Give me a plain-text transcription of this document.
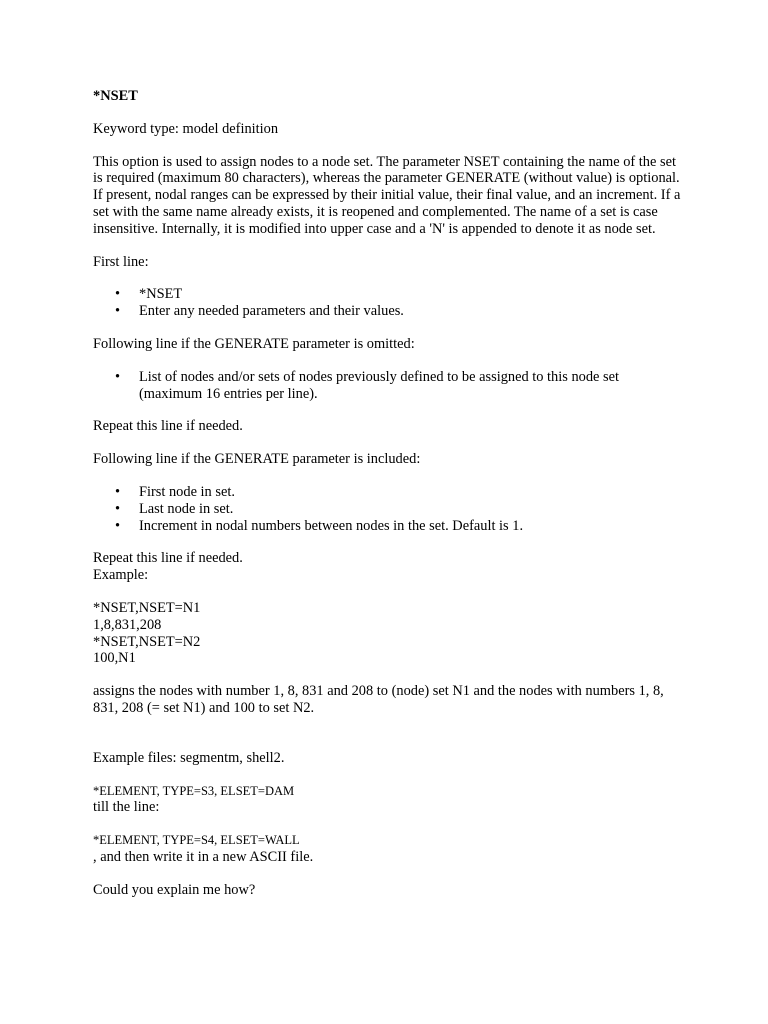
*NSET

Keyword type: model definition

This option is used to assign nodes to a node set. The parameter NSET containing the name of the set is required (maximum 80 characters), whereas the parameter GENERATE (without value) is optional. If present, nodal ranges can be expressed by their initial value, their final value, and an increment. If a set with the same name already exists, it is reopened and complemented. The name of a set is case insensitive. Internally, it is modified into upper case and a 'N' is appended to denote it as node set.

First line:

• *NSET
• Enter any needed parameters and their values.

Following line if the GENERATE parameter is omitted:

• List of nodes and/or sets of nodes previously defined to be assigned to this node set (maximum 16 entries per line).

Repeat this line if needed.

Following line if the GENERATE parameter is included:

• First node in set.
• Last node in set.
• Increment in nodal numbers between nodes in the set. Default is 1.

Repeat this line if needed.

Example:

*NSET,NSET=N1
1,8,831,208
*NSET,NSET=N2
100,N1

assigns the nodes with number 1, 8, 831 and 208 to (node) set N1 and the nodes with numbers 1, 8, 831, 208 (= set N1) and 100 to set N2.

Example files: segmentm, shell2.

*ELEMENT, TYPE=S3, ELSET=DAM
till the line:
*ELEMENT, TYPE=S4, ELSET=WALL
, and then write it in a new ASCII file.

Could you explain me how?
